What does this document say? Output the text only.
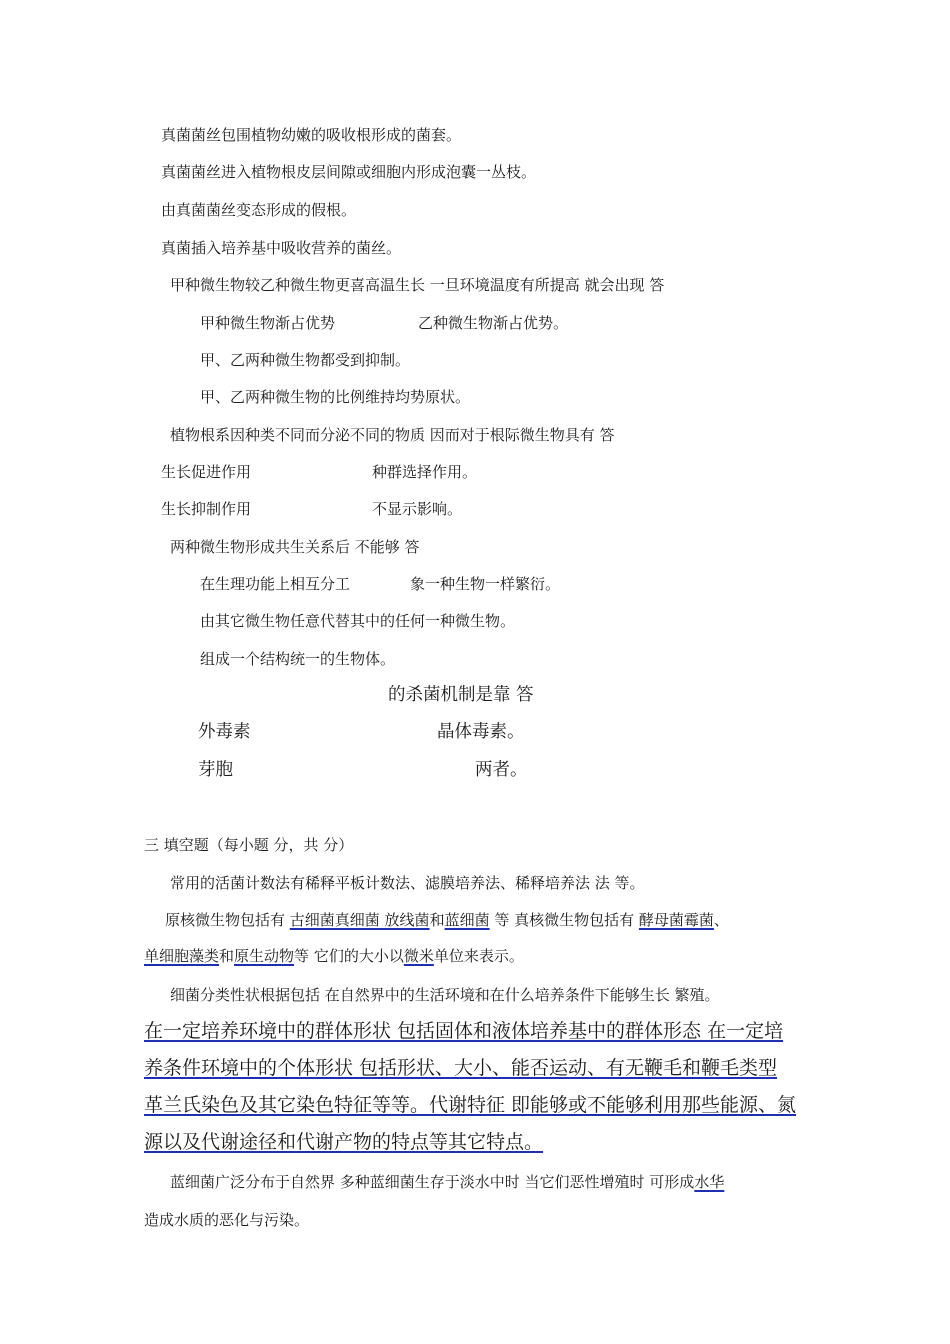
真菌菌丝包围植物幼嫩的吸收根形成的菌套。
真菌菌丝进入植物根皮层间隙或细胞内形成泡囊一丛枝。
由真菌菌丝变态形成的假根。
真菌插入培养基中吸收营养的菌丝。
甲种微生物较乙种微生物更喜高温生长 一旦环境温度有所提高 就会出现 答
甲种微生物渐占优势	乙种微生物渐占优势。
甲、乙两种微生物都受到抑制。
甲、乙两种微生物的比例维持均势原状。
植物根系因种类不同而分泌不同的物质 因而对于根际微生物具有 答
生长促进作用	种群选择作用。
生长抑制作用	不显示影响。
两种微生物形成共生关系后 不能够 答
在生理功能上相互分工	象一种生物一样繁衍。
由其它微生物任意代替其中的任何一种微生物。
组成一个结构统一的生物体。
的杀菌机制是靠 答
外毒素	晶体毒素。
芽胞	两者。
三 填空题（每小题 分，共 分）
常用的活菌计数法有稀释平板计数法、滤膜培养法、稀释培养法 法 等。
原核微生物包括有 古细菌真细菌 放线菌和蓝细菌 等 真核微生物包括有 酵母菌霉菌、
单细胞藻类和原生动物等 它们的大小以微米单位来表示。
细菌分类性状根据包括 在自然界中的生活环境和在什么培养条件下能够生长 繁殖。
在一定培养环境中的群体形状 包括固体和液体培养基中的群体形态 在一定培
养条件环境中的个体形状 包括形状、大小、能否运动、有无鞭毛和鞭毛类型
革兰氏染色及其它染色特征等等。代谢特征 即能够或不能够利用那些能源、氮
源以及代谢途径和代谢产物的特点等其它特点。
蓝细菌广泛分布于自然界 多种蓝细菌生存于淡水中时 当它们恶性增殖时 可形成水华
造成水质的恶化与污染。
